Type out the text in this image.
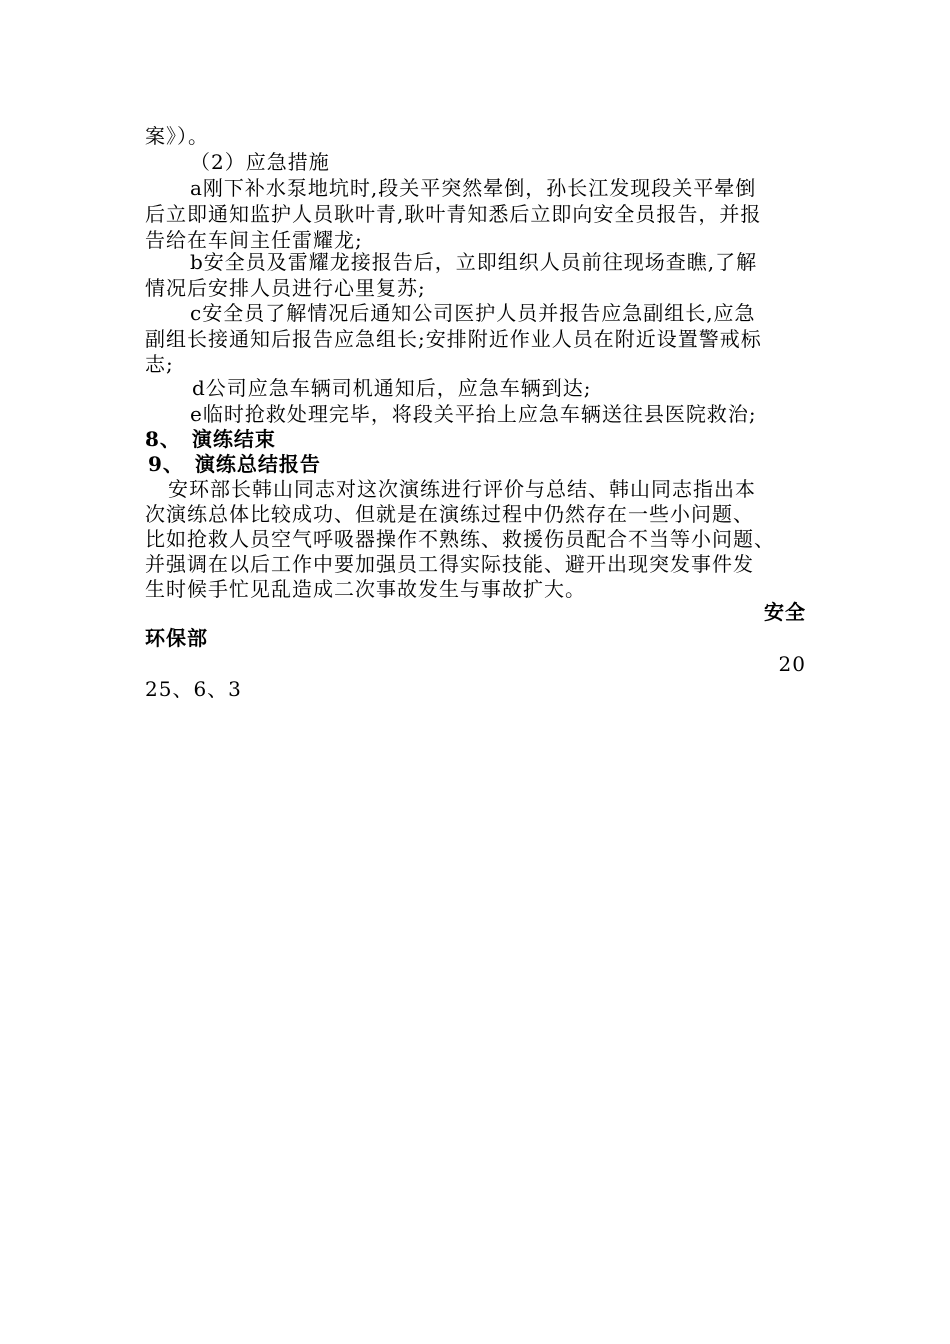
案》）。
（2）应急措施
a刚下补水泵地坑时,段关平突然晕倒，孙长江发现段关平晕倒
后立即通知监护人员耿叶青,耿叶青知悉后立即向安全员报告，并报
告给在车间主任雷耀龙;
b安全员及雷耀龙接报告后，立即组织人员前往现场查瞧,了解
情况后安排人员进行心里复苏;
c安全员了解情况后通知公司医护人员并报告应急副组长,应急
副组长接通知后报告应急组长;安排附近作业人员在附近设置警戒标
志;
d公司应急车辆司机通知后，应急车辆到达;
e临时抢救处理完毕，将段关平抬上应急车辆送往县医院救治;
8、　演练结束
9、　演练总结报告
安环部长韩山同志对这次演练进行评价与总结、韩山同志指出本
次演练总体比较成功、但就是在演练过程中仍然存在一些小问题、
比如抢救人员空气呼吸器操作不熟练、救援伤员配合不当等小问题、
并强调在以后工作中要加强员工得实际技能、避开出现突发事件发
生时候手忙见乱造成二次事故发生与事故扩大。
安全
环保部
20
25、6、3
